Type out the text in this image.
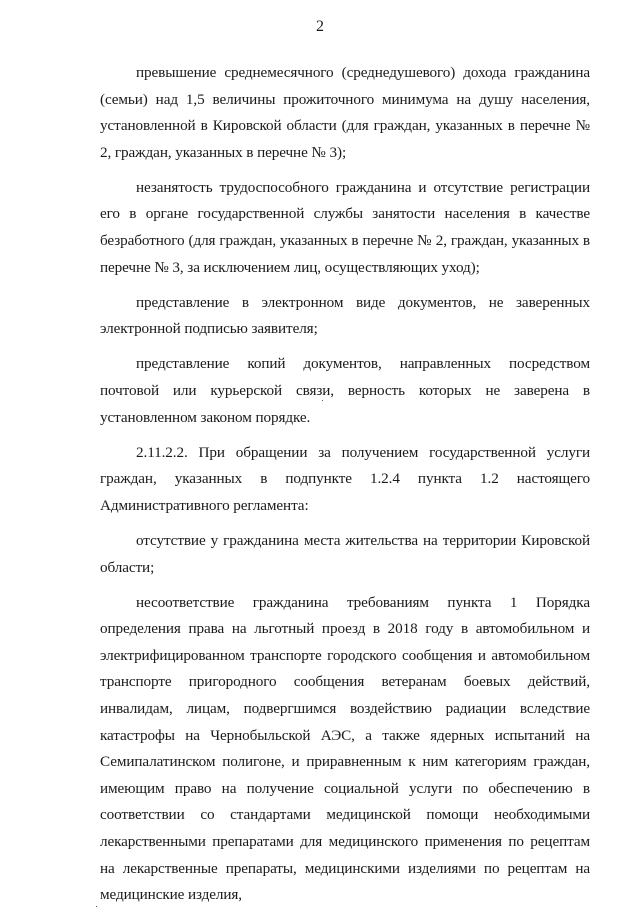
2

превышение среднемесячного (среднедушевого) дохода гражданина (семьи) над 1,5 величины прожиточного минимума на душу населения, установленной в Кировской области (для граждан, указанных в перечне № 2, граждан, указанных в перечне № 3);

незанятость трудоспособного гражданина и отсутствие регистрации его в органе государственной службы занятости населения в качестве безработного (для граждан, указанных в перечне № 2, граждан, указанных в перечне № 3, за исключением лиц, осуществляющих уход);

представление в электронном виде документов, не заверенных электронной подписью заявителя;

представление копий документов, направленных посредством почтовой или курьерской связи, верность которых не заверена в установленном законом порядке.

2.11.2.2. При обращении за получением государственной услуги граждан, указанных в подпункте 1.2.4 пункта 1.2 настоящего Административного регламента:

отсутствие у гражданина места жительства на территории Кировской области;

несоответствие гражданина требованиям пункта 1 Порядка определения права на льготный проезд в 2018 году в автомобильном и электрифицированном транспорте городского сообщения и автомобильном транспорте пригородного сообщения ветеранам боевых действий, инвалидам, лицам, подвергшимся воздействию радиации вследствие катастрофы на Чернобыльской АЭС, а также ядерных испытаний на Семипалатинском полигоне, и приравненным к ним категориям граждан, имеющим право на получение социальной услуги по обеспечению в соответствии со стандартами медицинской помощи необходимыми лекарственными препаратами для медицинского применения по рецептам на лекарственные препараты, медицинскими изделиями по рецептам на медицинские изделия,
